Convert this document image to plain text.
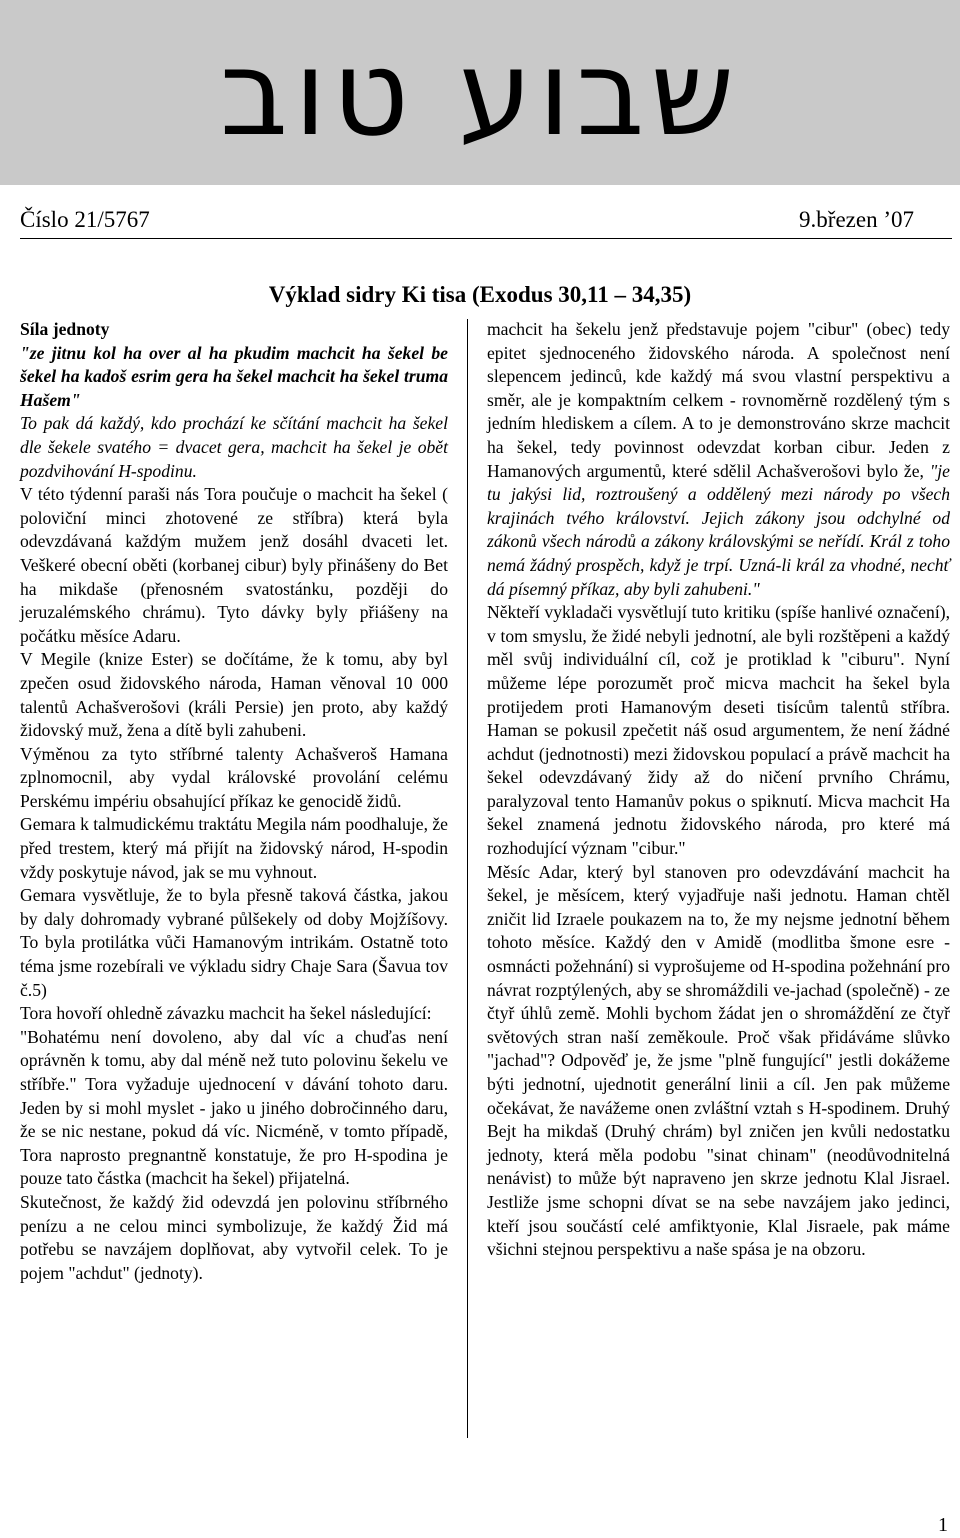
שבוע טוב
Číslo 21/5767	9.březen ’07
Výklad sidry Ki tisa (Exodus 30,11 – 34,35)

Síla jednoty

"ze jitnu kol ha over al ha pkudim machcit ha šekel be šekel ha kadoš esrim gera ha šekel machcit ha šekel truma Hašem"

To pak dá každý, kdo prochází ke sčítání machcit ha šekel dle šekele svatého = dvacet gera, machcit ha šekel je obět pozdvihování H-spodinu.

V této týdenní paraši nás Tora poučuje o machcit ha šekel ( poloviční minci zhotovené ze stříbra) která byla odevzdávaná každým mužem jenž dosáhl dvaceti let. Veškeré obecní oběti (korbanej cibur) byly přinášeny do Bet ha mikdaše (přenosném svatostánku, později do jeruzalémského chrámu). Tyto dávky byly přiášeny na počátku měsíce Adaru.

V Megile (knize Ester) se dočítáme, že k tomu, aby byl zpečen osud židovského národa, Haman věnoval 10 000 talentů Achašverošovi (králi Persie) jen proto, aby každý židovský muž, žena a dítě byli zahubeni.

Výměnou za tyto stříbrné talenty Achašveroš Hamana zplnomocnil, aby vydal královské provolání celému Perskému impériu obsahující příkaz ke genocidě židů.

Gemara k talmudickému traktátu Megila nám poodhaluje, že před trestem, který má přijít na židovský národ, H-spodin vždy poskytuje návod, jak se mu vyhnout.

Gemara vysvětluje, že to byla přesně taková částka, jakou by daly dohromady vybrané půlšekely od doby Mojžíšovy. To byla protilátka vůči Hamanovým intrikám. Ostatně toto téma jsme rozebírali ve výkladu sidry Chaje Sara (Šavua tov č.5)

Tora hovoří ohledně závazku machcit ha šekel následující:

"Bohatému není dovoleno, aby dal víc a chuďas není oprávněn k tomu, aby dal méně než tuto polovinu šekelu ve stříbře." Tora vyžaduje ujednocení v dávání tohoto daru. Jeden by si mohl myslet - jako u jiného dobročinného daru, že se nic nestane, pokud dá víc. Nicméně, v tomto případě, Tora naprosto pregnantně konstatuje, že pro H-spodina je pouze tato částka (machcit ha šekel) přijatelná.

Skutečnost, že každý žid odevzdá jen polovinu stříbrného penízu a ne celou minci symbolizuje, že každý Žid má potřebu se navzájem doplňovat, aby vytvořil celek. To je pojem "achdut" (jednoty).

machcit ha šekelu jenž představuje pojem "cibur" (obec) tedy epitet sjednoceného židovského národa. A společnost není slepencem jedinců, kde každý má svou vlastní perspektivu a směr, ale je kompaktním celkem - rovnoměrně rozdělený tým s jedním hlediskem a cílem. A to je demonstrováno skrze machcit ha šekel, tedy povinnost odevzdat korban cibur. Jeden z Hamanových argumentů, které sdělil Achašverošovi bylo že, "je tu jakýsi lid, roztroušený a oddělený mezi národy po všech krajinách tvého království. Jejich zákony jsou odchylné od zákonů všech národů a zákony královskými se neřídí. Král z toho nemá žádný prospěch, když je trpí. Uzná-li král za vhodné, nechť dá písemný příkaz, aby byli zahubeni."

Někteří vykladači vysvětlují tuto kritiku (spíše hanlivé označení), v tom smyslu, že židé nebyli jednotní, ale byli rozštěpeni a každý měl svůj individuální cíl, což je protiklad k "ciburu". Nyní můžeme lépe porozumět proč micva machcit ha šekel byla protijedem proti Hamanovým deseti tisícům talentů stříbra. Haman se pokusil zpečetit náš osud argumentem, že není žádné achdut (jednotnosti) mezi židovskou populací a právě machcit ha šekel odevzdávaný židy až do ničení prvního Chrámu, paralyzoval tento Hamanův pokus o spiknutí. Micva machcit Ha šekel znamená jednotu židovského národa, pro které má rozhodující význam "cibur."

Měsíc Adar, který byl stanoven pro odevzdávání machcit ha šekel, je měsícem, který vyjadřuje naši jednotu. Haman chtěl zničit lid Izraele poukazem na to, že my nejsme jednotní během tohoto měsíce. Každý den v Amidě (modlitba šmone esre - osmnácti požehnání) si vyprošujeme od H-spodina požehnání pro návrat rozptýlených, aby se shromáždili ve-jachad (společně) - ze čtyř úhlů země. Mohli bychom žádat jen o shromáždění ze čtyř světových stran naší zeměkoule. Proč však přidáváme slůvko "jachad"? Odpověď je, že jsme "plně fungující" jestli dokážeme býti jednotní, ujednotit generální linii a cíl. Jen pak můžeme očekávat, že navážeme onen zvláštní vztah s H-spodinem. Druhý Bejt ha mikdaš (Druhý chrám) byl zničen jen kvůli nedostatku jednoty, která měla podobu "sinat chinam" (neodůvodnitelná nenávist) to může být napraveno jen skrze jednotu Klal Jisrael. Jestliže jsme schopni dívat se na sebe navzájem jako jedinci, kteří jsou součástí celé amfiktyonie, Klal Jisraele, pak máme všichni stejnou perspektivu a naše spása je na obzoru.

1
